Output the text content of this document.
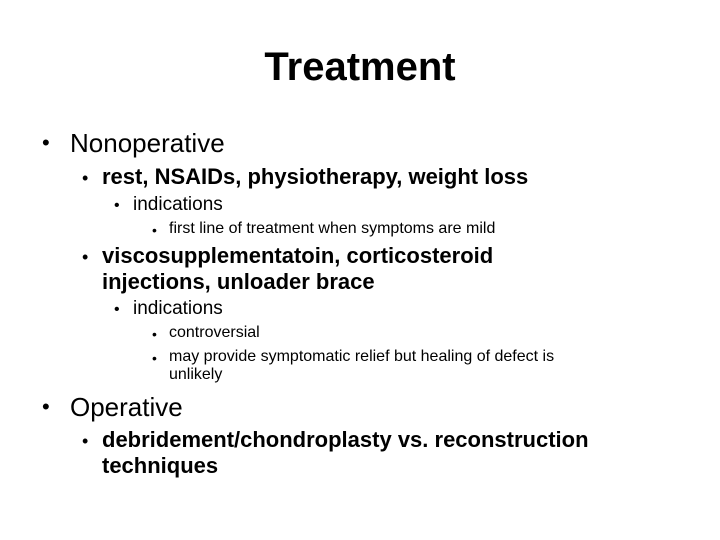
Treatment
• Nonoperative
• rest, NSAIDs, physiotherapy, weight loss
• indications
• first line of treatment when symptoms are mild
• viscosupplementatoin, corticosteroid
injections, unloader brace
• indications
• controversial
• may provide symptomatic relief but healing of defect is
unlikely
• Operative
• debridement/chondroplasty vs. reconstruction
techniques
